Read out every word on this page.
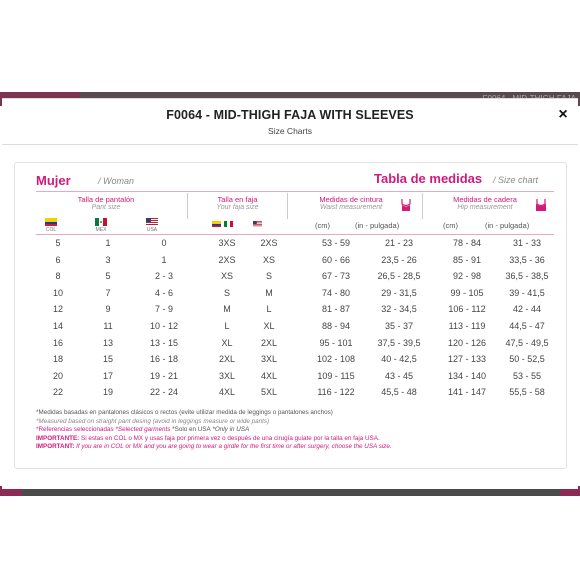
F0064 - MID-THIGH FAJA WITH SLEEVES
Size Charts
×
Mujer	/ Woman	Tabla de medidas / Size chart
Talla de pantalón
Pant size
Talla en faja
Your faja size
Medidas de cintura
Waist measurement
Medidas de cadera
Hip measurement
COL	MEX	USA	(cm)	(in - pulgada)	(cm)	(in - pulgada)
5	1	0	3XS	2XS	53 - 59	21 - 23	78 - 84	31 - 33
6	3	1	2XS	XS	60 - 66	23,5 - 26	85 - 91	33,5 - 36
8	5	2 - 3	XS	S	67 - 73	26,5 - 28,5	92 - 98	36,5 - 38,5
10	7	4 - 6	S	M	74 - 80	29 - 31,5	99 - 105	39 - 41,5
12	9	7 - 9	M	L	81 - 87	32 - 34,5	106 - 112	42 - 44
14	11	10 - 12	L	XL	88 - 94	35 - 37	113 - 119	44,5 - 47
16	13	13 - 15	XL	2XL	95 - 101	37,5 - 39,5	120 - 126	47,5 - 49,5
18	15	16 - 18	2XL	3XL	102 - 108	40 - 42,5	127 - 133	50 - 52,5
20	17	19 - 21	3XL	4XL	109 - 115	43 - 45	134 - 140	53 - 55
22	19	22 - 24	4XL	5XL	116 - 122	45,5 - 48	141 - 147	55,5 - 58
*Medidas basadas en pantalones clásicos o rectos (evite utilizar medida de leggings o pantalones anchos)
*Measured based on straight pant desing (avoid in leggings measure or wide pants)
*Referencias seleccionadas *Selected garments *Solo en USA *Only in USA
IMPORTANTE: Si estas en COL o MX y usas faja por primera vez o después de una cirugía guiate por la talla en faja USA.
IMPORTANT: If you are in COL or MX and you are going to wear a girdle for the first time or after surgery, choose the USA size.
